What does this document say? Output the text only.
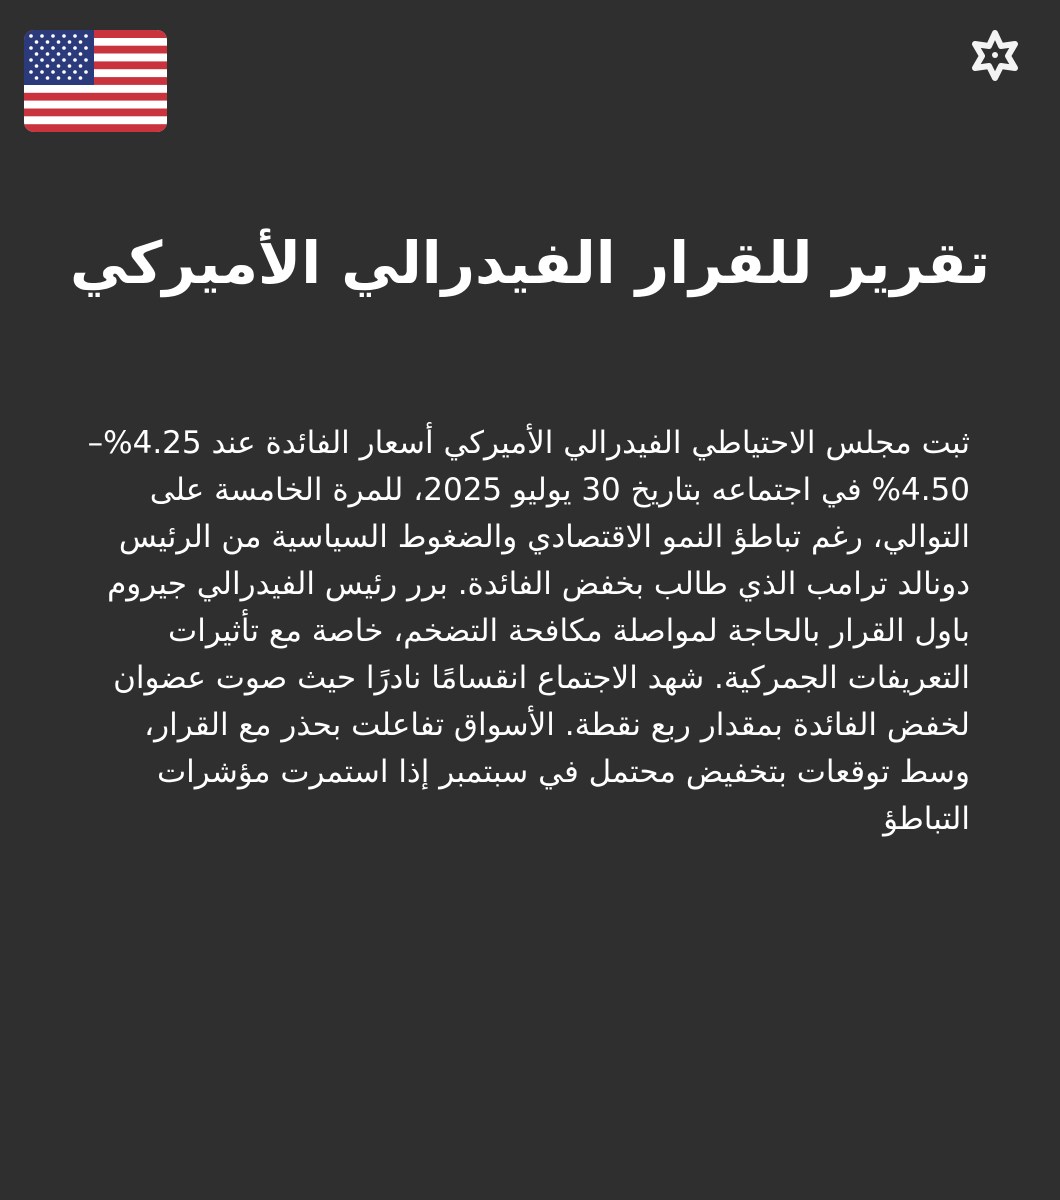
تقرير للقرار الفيدرالي الأميركي

ثبت مجلس الاحتياطي الفيدرالي الأميركي أسعار الفائدة عند 4.25%–4.50% في اجتماعه بتاريخ 30 يوليو 2025، للمرة الخامسة على التوالي، رغم تباطؤ النمو الاقتصادي والضغوط السياسية من الرئيس دونالد ترامب الذي طالب بخفض الفائدة. برر رئيس الفيدرالي جيروم باول القرار بالحاجة لمواصلة مكافحة التضخم، خاصة مع تأثيرات التعريفات الجمركية. شهد الاجتماع انقسامًا نادرًا حيث صوت عضوان لخفض الفائدة بمقدار ربع نقطة. الأسواق تفاعلت بحذر مع القرار، وسط توقعات بتخفيض محتمل في سبتمبر إذا استمرت مؤشرات التباطؤ
